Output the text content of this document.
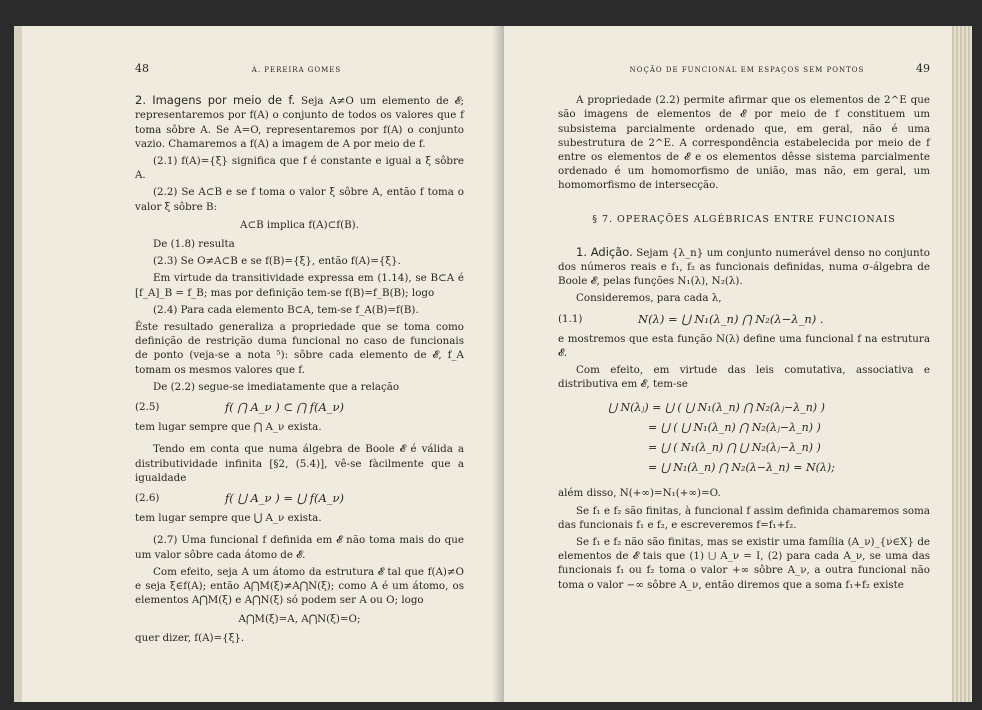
48	A. PEREIRA GOMES

2. Imagens por meio de f. Seja A≠O um elemento de 𝓔; representaremos por f(A) o conjunto de todos os valores que f toma sôbre A. Se A=O, representaremos por f(A) o conjunto vazio. Chamaremos a f(A) a imagem de A por meio de f.

(2.1) f(A)={ξ} significa que f é constante e igual a ξ sôbre A.

(2.2) Se A⊂B e se f toma o valor ξ sôbre A, então f toma o valor ξ sôbre B:

A⊂B implica f(A)⊂f(B).

De (1.8) resulta

(2.3) Se O≠A⊂B e se f(B)={ξ}, então f(A)={ξ}.

Em virtude da transitividade expressa em (1.14), se B⊂A é [f_A]_B = f_B; mas por definição tem-se f(B)=f_B(B); logo

(2.4) Para cada elemento B⊂A, tem-se f_A(B)=f(B).

Êste resultado generaliza a propriedade que se toma como definição de restrição duma funcional no caso de funcionais de ponto (veja-se a nota ⁵): sôbre cada elemento de 𝓔, f_A tomam os mesmos valores que f.

De (2.2) segue-se imediatamente que a relação

(2.5)	f( ⋂ A_ν ) ⊂ ⋂ f(A_ν)

tem lugar sempre que ⋂ A_ν exista.

Tendo em conta que numa álgebra de Boole 𝓔 é válida a distributividade infinita [§2, (5.4)], vê-se fàcilmente que a igualdade

(2.6)	f( ⋃ A_ν ) = ⋃ f(A_ν)

tem lugar sempre que ⋃ A_ν exista.

(2.7) Uma funcional f definida em 𝓔 não toma mais do que um valor sôbre cada átomo de 𝓔.

Com efeito, seja A um átomo da estrutura 𝓔 tal que f(A)≠O e seja ξ∈f(A); então A⋂M(ξ)≠A⋂N(ξ); como A é um átomo, os elementos A⋂M(ξ) e A⋂N(ξ) só podem ser A ou O; logo

A⋂M(ξ)=A, A⋂N(ξ)=O;

quer dizer, f(A)={ξ}.

NOÇÃO DE FUNCIONAL EM ESPAÇOS SEM PONTOS	49

A propriedade (2.2) permite afirmar que os elementos de 2^E que são imagens de elementos de 𝓔 por meio de f constituem um subsistema parcialmente ordenado que, em geral, não é uma subestrutura de 2^E. A correspondência estabelecida por meio de f entre os elementos de 𝓔 e os elementos dêsse sistema parcialmente ordenado é um homomorfismo de união, mas não, em geral, um homomorfismo de intersecção.

§ 7. OPERAÇÕES ALGÉBRICAS ENTRE FUNCIONAIS

1. Adição. Sejam {λ_n} um conjunto numerável denso no conjunto dos números reais e f₁, f₂ as funcionais definidas, numa σ-álgebra de Boole 𝓔, pelas funções N₁(λ), N₂(λ).

Consideremos, para cada λ,

(1.1)	N(λ) = ⋃ N₁(λ_n) ⋂ N₂(λ−λ_n) .

e mostremos que esta função N(λ) define uma funcional f na estrutura 𝓔.

Com efeito, em virtude das leis comutativa, associativa e distributiva em 𝓔, tem-se

⋃ N(λⱼ) = ⋃ ( ⋃ N₁(λ_n) ⋂ N₂(λⱼ−λ_n) )
= ⋃ ( ⋃ N₁(λ_n) ⋂ N₂(λⱼ−λ_n) )
= ⋃ ( N₁(λ_n) ⋂ ⋃ N₂(λⱼ−λ_n) )
= ⋃ N₁(λ_n) ⋂ N₂(λ−λ_n) = N(λ);

além disso, N(+∞)=N₁(+∞)=O.

Se f₁ e f₂ são finitas, à funcional f assim definida chamaremos soma das funcionais f₁ e f₂, e escreveremos f=f₁+f₂.

Se f₁ e f₂ não são finitas, mas se existir uma família (A_ν)_{ν∈X} de elementos de 𝓔 tais que (1) ⋃ A_ν = I, (2) para cada A_ν, se uma das funcionais f₁ ou f₂ toma o valor +∞ sôbre A_ν, a outra funcional não toma o valor −∞ sôbre A_ν, então diremos que a soma f₁+f₂ existe
